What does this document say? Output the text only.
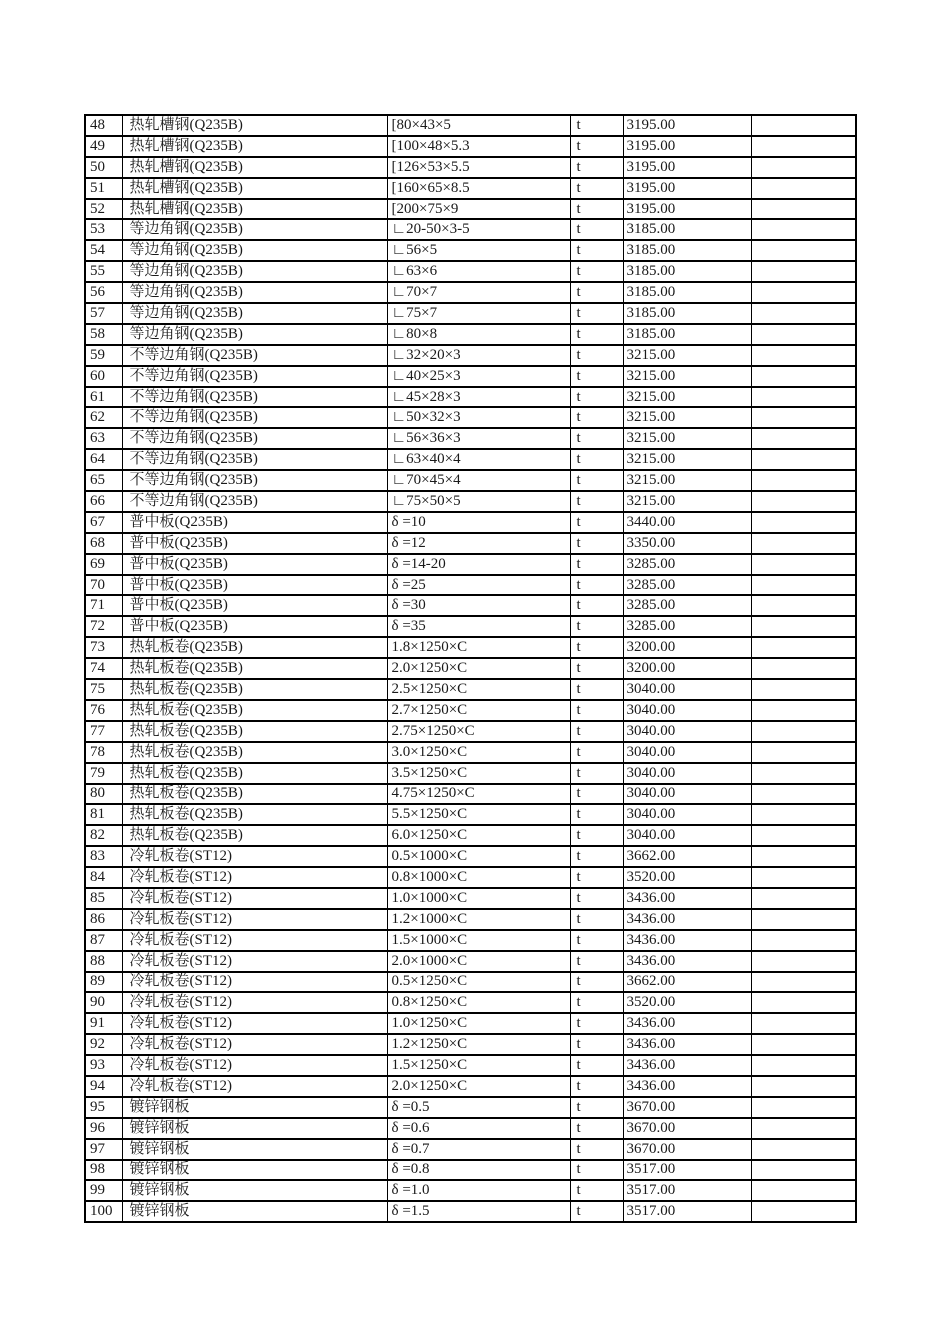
48	热轧槽钢(Q235B)	[80×43×5	t	3195.00	
49	热轧槽钢(Q235B)	[100×48×5.3	t	3195.00	
50	热轧槽钢(Q235B)	[126×53×5.5	t	3195.00	
51	热轧槽钢(Q235B)	[160×65×8.5	t	3195.00	
52	热轧槽钢(Q235B)	[200×75×9	t	3195.00	
53	等边角钢(Q235B)	∟20-50×3-5	t	3185.00	
54	等边角钢(Q235B)	∟56×5	t	3185.00	
55	等边角钢(Q235B)	∟63×6	t	3185.00	
56	等边角钢(Q235B)	∟70×7	t	3185.00	
57	等边角钢(Q235B)	∟75×7	t	3185.00	
58	等边角钢(Q235B)	∟80×8	t	3185.00	
59	不等边角钢(Q235B)	∟32×20×3	t	3215.00	
60	不等边角钢(Q235B)	∟40×25×3	t	3215.00	
61	不等边角钢(Q235B)	∟45×28×3	t	3215.00	
62	不等边角钢(Q235B)	∟50×32×3	t	3215.00	
63	不等边角钢(Q235B)	∟56×36×3	t	3215.00	
64	不等边角钢(Q235B)	∟63×40×4	t	3215.00	
65	不等边角钢(Q235B)	∟70×45×4	t	3215.00	
66	不等边角钢(Q235B)	∟75×50×5	t	3215.00	
67	普中板(Q235B)	δ =10	t	3440.00	
68	普中板(Q235B)	δ =12	t	3350.00	
69	普中板(Q235B)	δ =14-20	t	3285.00	
70	普中板(Q235B)	δ =25	t	3285.00	
71	普中板(Q235B)	δ =30	t	3285.00	
72	普中板(Q235B)	δ =35	t	3285.00	
73	热轧板卷(Q235B)	1.8×1250×C	t	3200.00	
74	热轧板卷(Q235B)	2.0×1250×C	t	3200.00	
75	热轧板卷(Q235B)	2.5×1250×C	t	3040.00	
76	热轧板卷(Q235B)	2.7×1250×C	t	3040.00	
77	热轧板卷(Q235B)	2.75×1250×C	t	3040.00	
78	热轧板卷(Q235B)	3.0×1250×C	t	3040.00	
79	热轧板卷(Q235B)	3.5×1250×C	t	3040.00	
80	热轧板卷(Q235B)	4.75×1250×C	t	3040.00	
81	热轧板卷(Q235B)	5.5×1250×C	t	3040.00	
82	热轧板卷(Q235B)	6.0×1250×C	t	3040.00	
83	冷轧板卷(ST12)	0.5×1000×C	t	3662.00	
84	冷轧板卷(ST12)	0.8×1000×C	t	3520.00	
85	冷轧板卷(ST12)	1.0×1000×C	t	3436.00	
86	冷轧板卷(ST12)	1.2×1000×C	t	3436.00	
87	冷轧板卷(ST12)	1.5×1000×C	t	3436.00	
88	冷轧板卷(ST12)	2.0×1000×C	t	3436.00	
89	冷轧板卷(ST12)	0.5×1250×C	t	3662.00	
90	冷轧板卷(ST12)	0.8×1250×C	t	3520.00	
91	冷轧板卷(ST12)	1.0×1250×C	t	3436.00	
92	冷轧板卷(ST12)	1.2×1250×C	t	3436.00	
93	冷轧板卷(ST12)	1.5×1250×C	t	3436.00	
94	冷轧板卷(ST12)	2.0×1250×C	t	3436.00	
95	镀锌钢板	δ =0.5	t	3670.00	
96	镀锌钢板	δ =0.6	t	3670.00	
97	镀锌钢板	δ =0.7	t	3670.00	
98	镀锌钢板	δ =0.8	t	3517.00	
99	镀锌钢板	δ =1.0	t	3517.00	
100	镀锌钢板	δ =1.5	t	3517.00	
